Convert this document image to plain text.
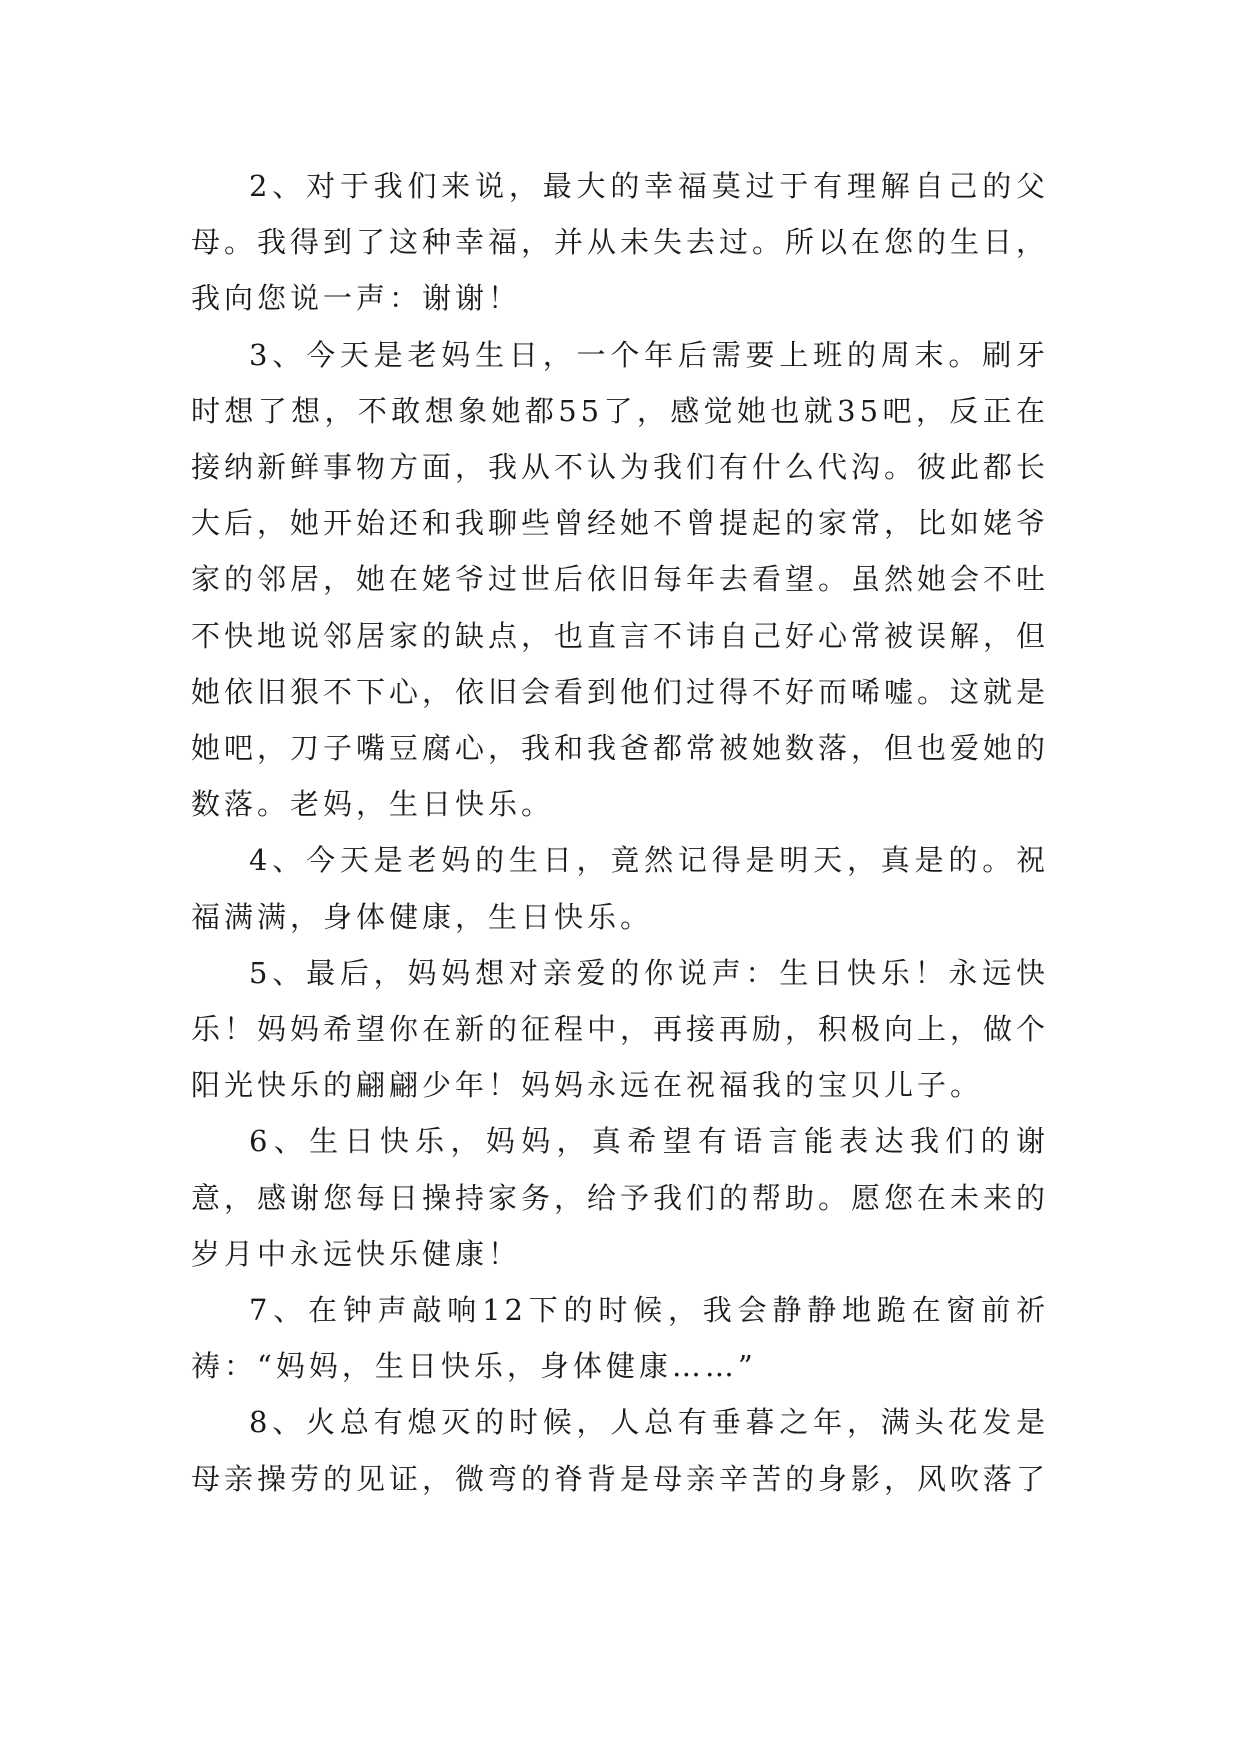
2、对于我们来说，最大的幸福莫过于有理解自己的父母。我得到了这种幸福，并从未失去过。所以在您的生日，我向您说一声：谢谢！

3、今天是老妈生日，一个年后需要上班的周末。刷牙时想了想，不敢想象她都55了，感觉她也就35吧，反正在接纳新鲜事物方面，我从不认为我们有什么代沟。彼此都长大后，她开始还和我聊些曾经她不曾提起的家常，比如姥爷家的邻居，她在姥爷过世后依旧每年去看望。虽然她会不吐不快地说邻居家的缺点，也直言不讳自己好心常被误解，但她依旧狠不下心，依旧会看到他们过得不好而唏嘘。这就是她吧，刀子嘴豆腐心，我和我爸都常被她数落，但也爱她的数落。老妈，生日快乐。

4、今天是老妈的生日，竟然记得是明天，真是的。祝福满满，身体健康，生日快乐。

5、最后，妈妈想对亲爱的你说声：生日快乐！永远快乐！妈妈希望你在新的征程中，再接再励，积极向上，做个阳光快乐的翩翩少年！妈妈永远在祝福我的宝贝儿子。

6、生日快乐，妈妈，真希望有语言能表达我们的谢意，感谢您每日操持家务，给予我们的帮助。愿您在未来的岁月中永远快乐健康！

7、在钟声敲响12下的时候，我会静静地跪在窗前祈祷：“妈妈，生日快乐，身体健康……”

8、火总有熄灭的时候，人总有垂暮之年，满头花发是母亲操劳的见证，微弯的脊背是母亲辛苦的身影，风吹落了
